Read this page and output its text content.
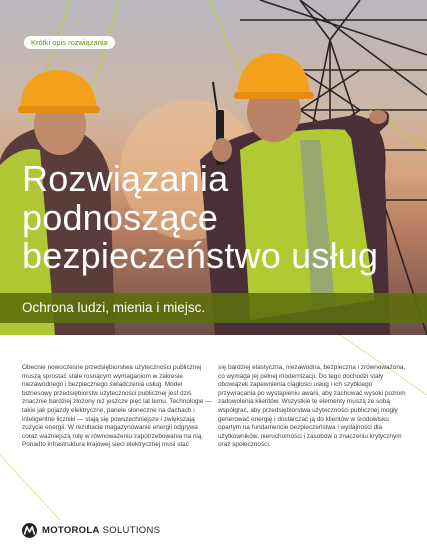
Krótki opis rozwiązania
Rozwiązania
podnoszące
bezpieczeństwo usług
Ochrona ludzi, mienia i miejsc.

Obecnie nowoczesne przedsiębiorstwa użyteczności publicznej muszą sprostać stale rosnącym wymaganiom w zakresie niezawodnego i bezpiecznego świadczenia usług. Model biznesowy przedsiębiorstw użyteczności publicznej jest dziś znacznie bardziej złożony niż jeszcze pięć lat temu. Technologie — takie jak pojazdy elektryczne, panele słoneczne na dachach i inteligentne liczniki — stają się powszechniejsze i zwiększają zużycie energii. W rezultacie magazynowanie energii odgrywa coraz ważniejszą rolę w równoważeniu zapotrzebowania na nią. Ponadto infrastruktura krajowej sieci elektrycznej musi stać

się bardziej elastyczna, niezawodna, bezpieczna i zrównoważona, co wymaga jej pełnej modernizacji. Do tego dochodzi stały obowiązek zapewnienia ciągłości usług i ich szybkiego przywracania po wystąpieniu awarii, aby zachować wysoki poziom zadowolenia klientów. Wszystkie te elementy muszą ze sobą współgrać, aby przedsiębiorstwa użyteczności publicznej mogły generować energię i dostarczać ją do klientów w środowisku opartym na fundamencie bezpieczeństwa i wydajności dla użytkowników, nieruchomości i zasobów o znaczeniu krytycznym oraz społeczności.

MOTOROLA SOLUTIONS
